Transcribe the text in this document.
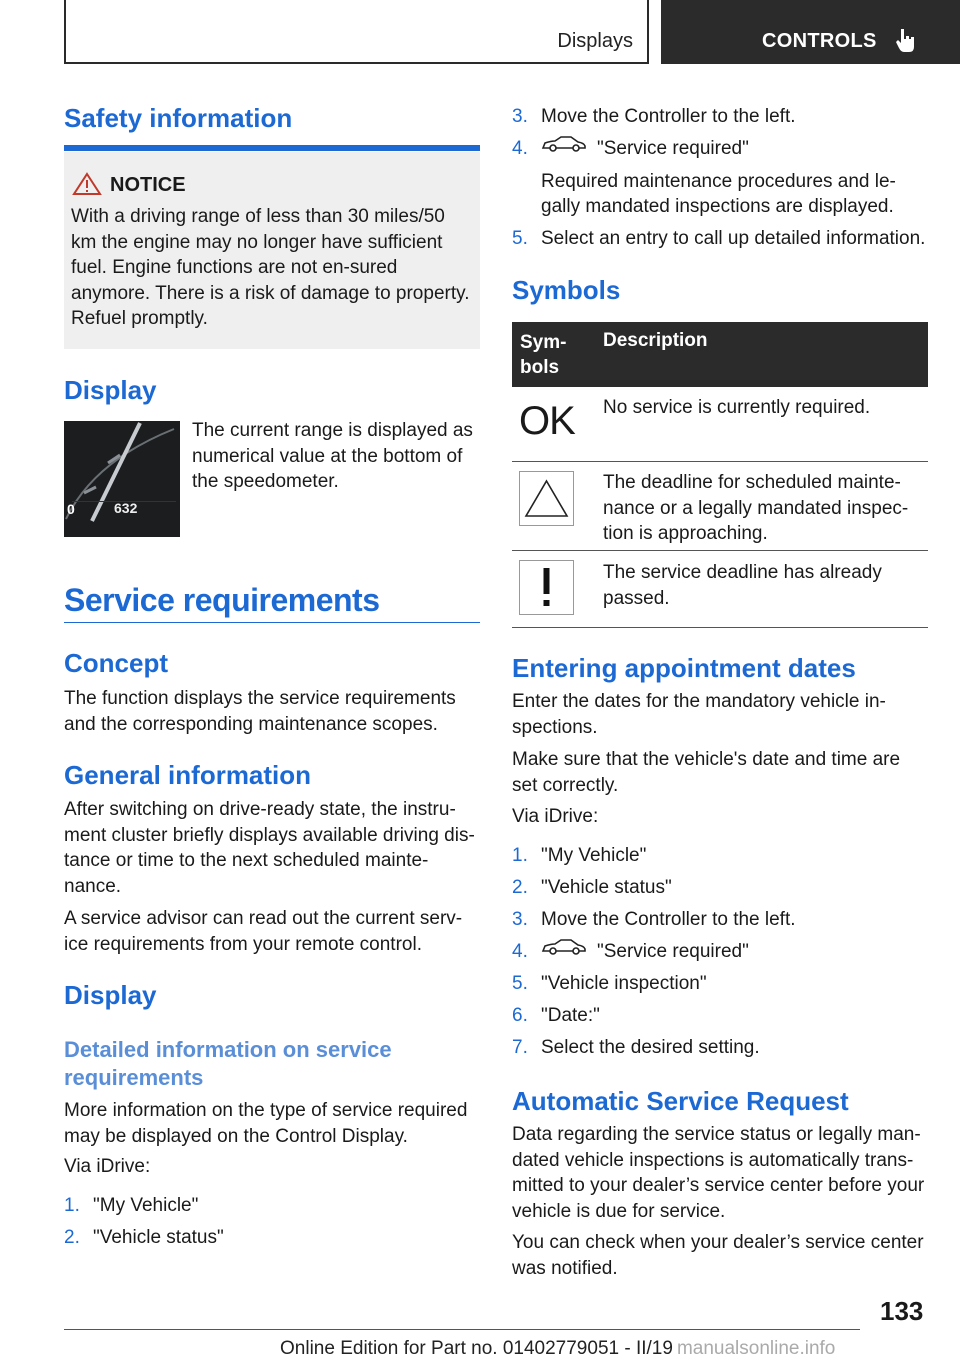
Displays	CONTROLS
Safety information
NOTICE
With a driving range of less than 30 miles/50 km the engine may no longer have sufficient fuel. Engine functions are not en-sured anymore. There is a risk of damage to property. Refuel promptly.
Display
0	632
The current range is displayed as numerical value at the bottom of the speedometer.
Service requirements
Concept
The function displays the service requirements and the corresponding maintenance scopes.
General information
After switching on drive-ready state, the instru-ment cluster briefly displays available driving dis-tance or time to the next scheduled mainte-nance.
A service advisor can read out the current serv-ice requirements from your remote control.
Display
Detailed information on service requirements
More information on the type of service required may be displayed on the Control Display.
Via iDrive:
1. "My Vehicle"
2. "Vehicle status"
3. Move the Controller to the left.
4.	"Service required"
Required maintenance procedures and le-gally mandated inspections are displayed.
5. Select an entry to call up detailed information.
Symbols
Sym-bols
Description
OK No service is currently required.
The deadline for scheduled mainte-nance or a legally mandated inspec-tion is approaching.
The service deadline has already passed.
Entering appointment dates
Enter the dates for the mandatory vehicle in-spections.
Make sure that the vehicle's date and time are set correctly.
Via iDrive:
1. "My Vehicle"
2. "Vehicle status"
3. Move the Controller to the left.
4.	"Service required"
5. "Vehicle inspection"
6. "Date:"
7. Select the desired setting.
Automatic Service Request
Data regarding the service status or legally man-dated vehicle inspections is automatically trans-mitted to your dealer’s service center before your vehicle is due for service.
You can check when your dealer’s service center was notified.
133
Online Edition for Part no. 01402779051 - II/19 manualsonline.info
